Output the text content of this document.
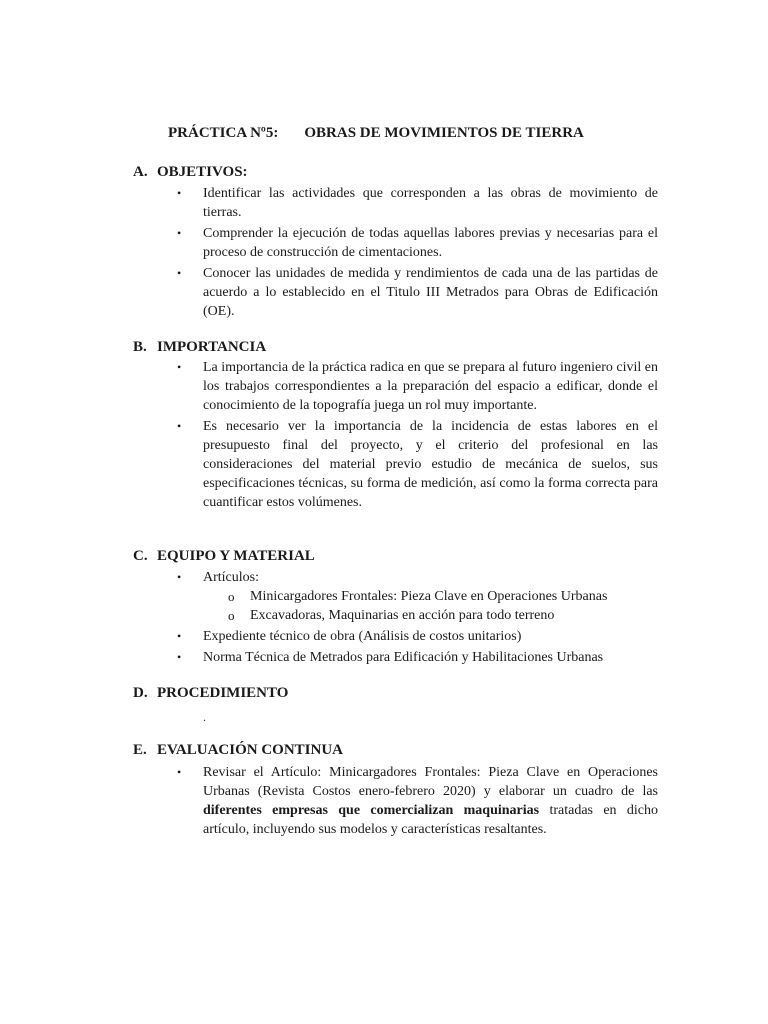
PRÁCTICA Nº5: OBRAS DE MOVIMIENTOS DE TIERRA
A. OBJETIVOS:
• Identificar las actividades que corresponden a las obras de movimiento de tierras.

• Comprender la ejecución de todas aquellas labores previas y necesarias para el proceso de construcción de cimentaciones.

• Conocer las unidades de medida y rendimientos de cada una de las partidas de acuerdo a lo establecido en el Titulo III Metrados para Obras de Edificación (OE).

B. IMPORTANCIA
• La importancia de la práctica radica en que se prepara al futuro ingeniero civil en los trabajos correspondientes a la preparación del espacio a edificar, donde el conocimiento de la topografía juega un rol muy importante.

• Es necesario ver la importancia de la incidencia de estas labores en el presupuesto final del proyecto, y el criterio del profesional en las consideraciones del material previo estudio de mecánica de suelos, sus especificaciones técnicas, su forma de medición, así como la forma correcta para cuantificar estos volúmenes.

C. EQUIPO Y MATERIAL
• Artículos:

o Minicargadores Frontales: Pieza Clave en Operaciones Urbanas
o Excavadoras, Maquinarias en acción para todo terreno
• Expediente técnico de obra (Análisis de costos unitarios)

• Norma Técnica de Metrados para Edificación y Habilitaciones Urbanas

D. PROCEDIMIENTO
.
E. EVALUACIÓN CONTINUA
• Revisar el Artículo: Minicargadores Frontales: Pieza Clave en Operaciones Urbanas (Revista Costos enero-febrero 2020) y elaborar un cuadro de las diferentes empresas que comercializan maquinarias tratadas en dicho artículo, incluyendo sus modelos y características resaltantes.
